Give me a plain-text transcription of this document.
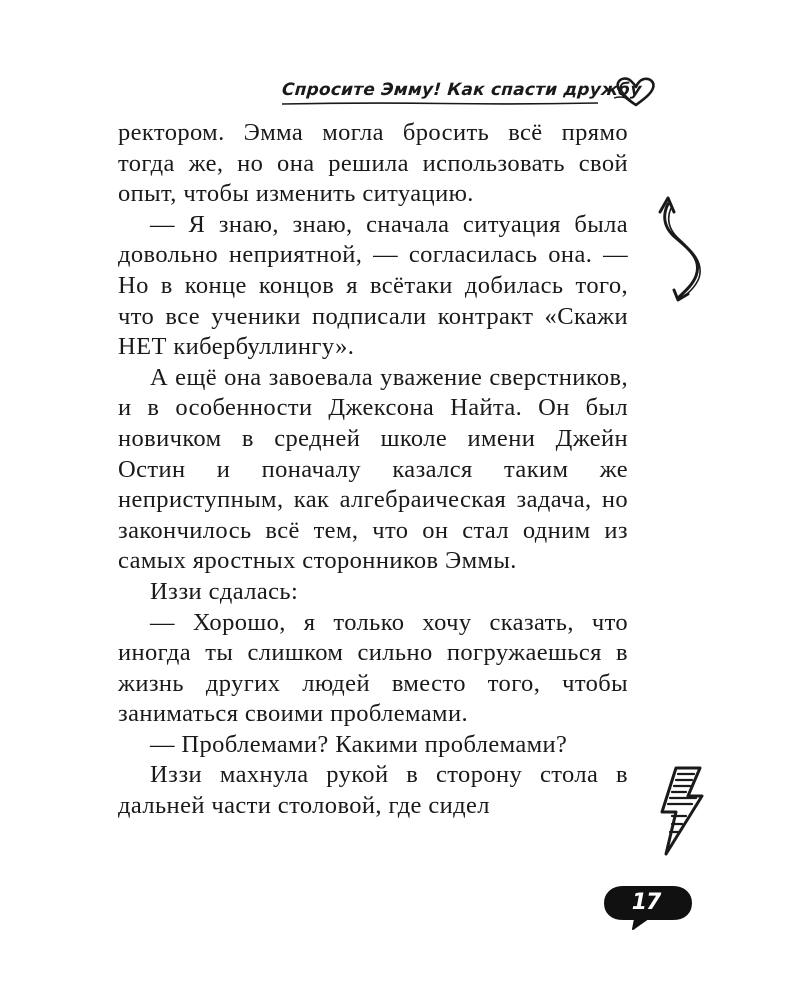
Спросите Эмму! Как спасти дружбу

ректором. Эмма могла бросить всё прямо тогда же, но она решила использовать свой опыт, чтобы изменить ситуацию.

— Я знаю, знаю, сначала ситуация была довольно неприятной, — согласилась она. — Но в конце концов я всётаки добилась того, что все ученики подписали контракт «Скажи НЕТ кибербуллингу».

А ещё она завоевала уважение сверстников, и в особенности Джексона Найта. Он был новичком в средней школе имени Джейн Остин и поначалу казался таким же неприступным, как алгебраическая задача, но закончилось всё тем, что он стал одним из самых яростных сторонников Эммы.

Иззи сдалась:

— Хорошо, я только хочу сказать, что иногда ты слишком сильно погружаешься в жизнь других людей вместо того, чтобы заниматься своими проблемами.

— Проблемами? Какими проблемами?

Иззи махнула рукой в сторону стола в дальней части столовой, где сидел

17
